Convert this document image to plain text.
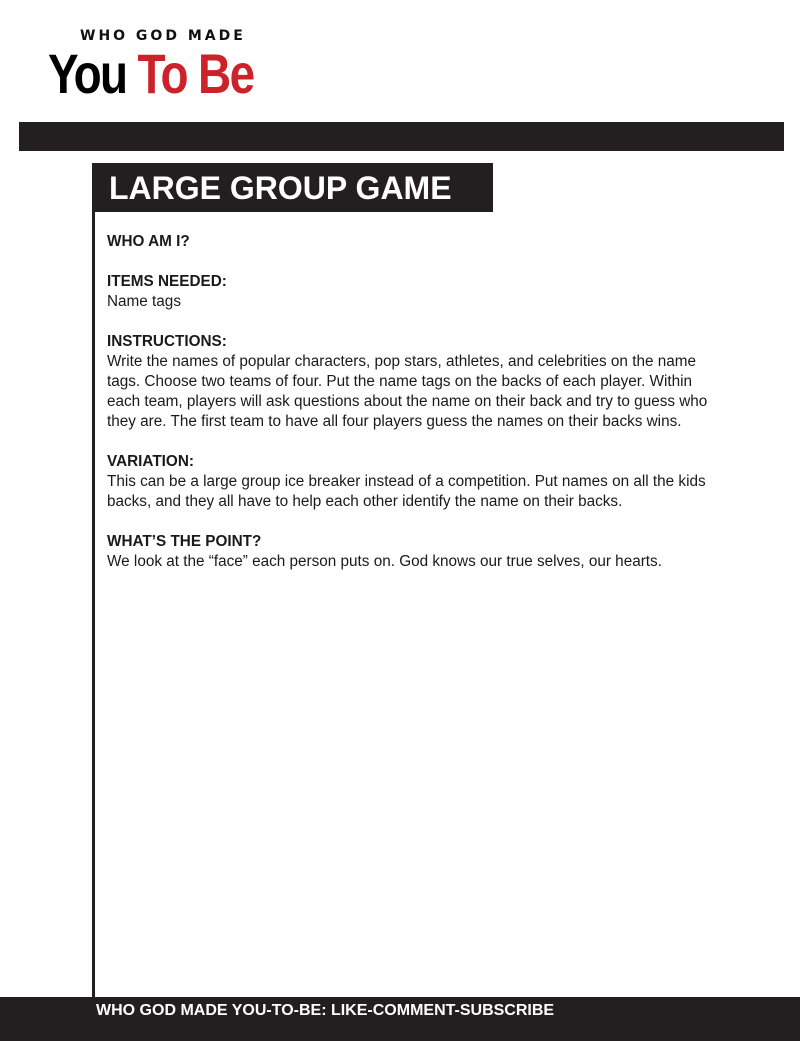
WHO GOD MADE
You To Be
LARGE GROUP GAME
WHO AM I?
ITEMS NEEDED:

Name tags

INSTRUCTIONS:

Write the names of popular characters, pop stars, athletes, and celebrities on the name tags. Choose two teams of four. Put the name tags on the backs of each player. Within each team, players will ask questions about the name on their back and try to guess who they are. The first team to have all four players guess the names on their backs wins.

VARIATION:

This can be a large group ice breaker instead of a competition. Put names on all the kids backs, and they all have to help each other identify the name on their backs.

WHAT’S THE POINT?

We look at the “face” each person puts on. God knows our true selves, our hearts.

WHO GOD MADE YOU-TO-BE: LIKE-COMMENT-SUBSCRIBE
